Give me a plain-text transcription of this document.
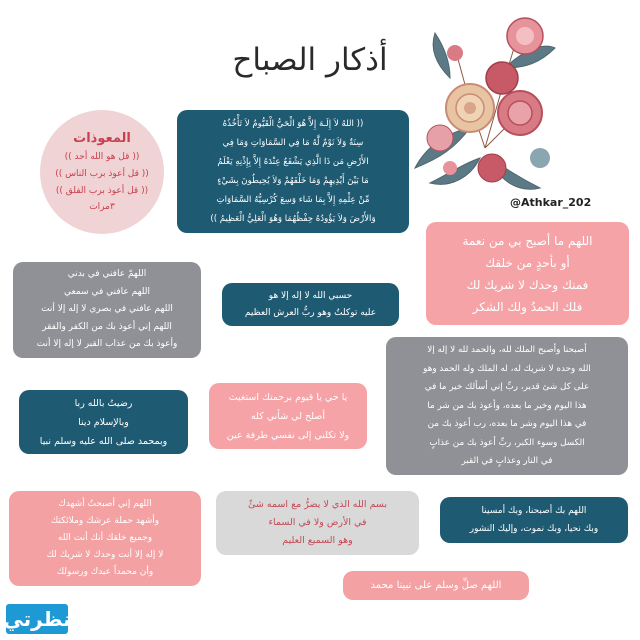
أذكار الصباح
@Athkar_202
المعوذات
(( قل هو الله أحد ))
(( قل أعوذ برب الناس ))
(( قل أعوذ برب الفلق ))
٣مرات
(( اللهُ لاَ إِلَـهَ إِلاَّ هُوَ الْحَيُّ الْقَيُّومُ لاَ تَأْخُذُهُ
سِنَةٌ وَلاَ نَوْمٌ لَّهُ مَا فِي السَّمَاوَاتِ وَمَا فِي
الأَرْضِ مَن ذَا الَّذِي يَشْفَعُ عِنْدَهُ إِلاَّ بِإِذْنِهِ يَعْلَمُ
مَا بَيْنَ أَيْدِيهِمْ وَمَا خَلْفَهُمْ وَلاَ يُحِيطُونَ بِشَيْءٍ
مِّنْ عِلْمِهِ إِلاَّ بِمَا شَاء وَسِعَ كُرْسِيُّهُ السَّمَاوَاتِ
وَالأَرْضَ وَلاَ يَؤُودُهُ حِفْظُهُمَا وَهُوَ الْعَلِيُّ الْعَظِيمُ ))
اللهم ما أصبح بي من نعمة
أو بأحدٍ من خلقك
فمنك وحدك لا شريك لك
فلك الحمدُ ولك الشكر
اللهمّ عافني في بدني
اللهم عافني في سمعي
اللهم عافني في بصري لا إله إلا أنت
اللهم إني أعوذ بك من الكفر والفقر
وأعوذ بك من عذاب القبر لا إله إلا أنت
حسبي الله لا إله إلا هو
عليه توكلتُ وهو ربُّ العرش العظيم
أصبحنا وأصبح الملك لله، والحمد لله لا إله إلا
الله وحده لا شريك له، له الملك وله الحمد وهو
على كل شئ قدير، ربِّ إني أسألك خير ما في
هذا اليوم وخير ما بعده، وأعوذ بك من شر ما
في هذا اليوم وشر ما بعده، رب أعوذ بك من
الكسل وسوء الكبر، ربِّ أعوذ بك من عذابٍ
في النار وعذابٍ في القبر
رضيتُ بالله ربا
وبالإسلام دينا
وبمحمد صلى الله عليه وسلم نبيا
يا حي يا قيوم برحمتك استغيث
أصلح لي شأني كله
ولا تكلني إلى نفسي طرفة عين
اللهم إني أصبحتُ أشهدك
وأشهد حملة عرشك وملائكتك
وجميع خلقك أنك أنت الله
لا إله إلا أنت وحدك لا شريك لك
وأن محمداً عبدك ورسولك
بسم الله الذي لا يضرُّ مع اسمه شئٌ
في الأرض ولا في السماء
وهو السميع العليم
اللهم بك أصبحنا، وبك أمسينا
وبك نحيا، وبك نموت، وإليك النشور
اللهم صلِّ وسلم على نبينا محمد
نظرتي
